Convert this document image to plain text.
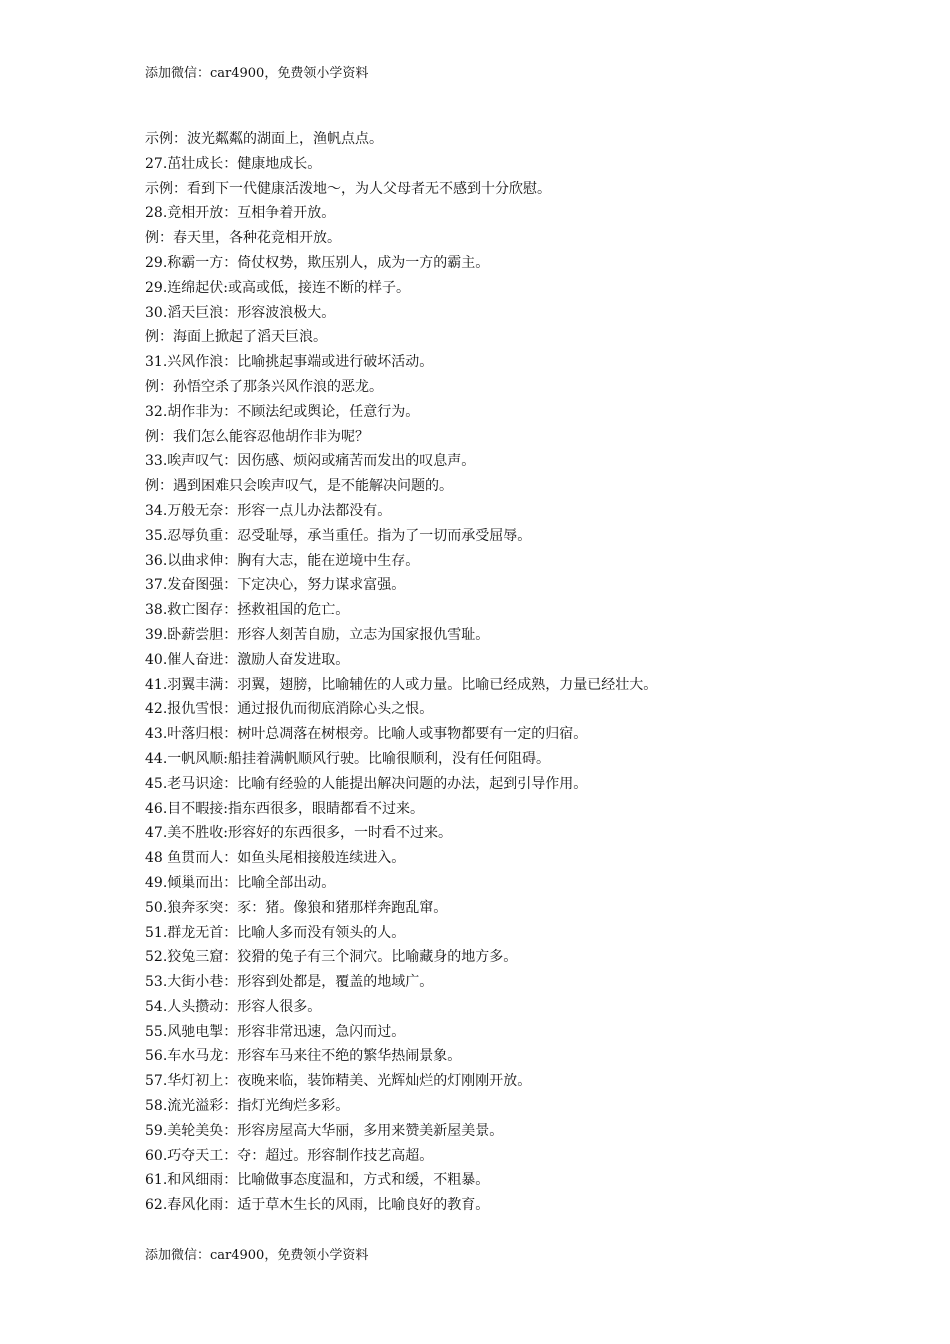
添加微信：car4900，免费领小学资料
示例：波光粼粼的湖面上，渔帆点点。
27.茁壮成长：健康地成长。
示例：看到下一代健康活泼地～，为人父母者无不感到十分欣慰。
28.竞相开放：互相争着开放。
例：春天里，各种花竞相开放。
29.称霸一方：倚仗权势，欺压别人，成为一方的霸主。
29.连绵起伏:或高或低，接连不断的样子。
30.滔天巨浪：形容波浪极大。
例：海面上掀起了滔天巨浪。
31.兴风作浪：比喻挑起事端或进行破坏活动。
例：孙悟空杀了那条兴风作浪的恶龙。
32.胡作非为：不顾法纪或舆论，任意行为。
例：我们怎么能容忍他胡作非为呢？
33.唉声叹气：因伤感、烦闷或痛苦而发出的叹息声。
例：遇到困难只会唉声叹气，是不能解决问题的。
34.万般无奈：形容一点儿办法都没有。
35.忍辱负重：忍受耻辱，承当重任。指为了一切而承受屈辱。
36.以曲求伸：胸有大志，能在逆境中生存。
37.发奋图强：下定决心，努力谋求富强。
38.救亡图存：拯救祖国的危亡。
39.卧薪尝胆：形容人刻苦自励，立志为国家报仇雪耻。
40.催人奋进：激励人奋发进取。
41.羽翼丰满：羽翼，翅膀，比喻辅佐的人或力量。比喻已经成熟，力量已经壮大。
42.报仇雪恨：通过报仇而彻底消除心头之恨。
43.叶落归根：树叶总凋落在树根旁。比喻人或事物都要有一定的归宿。
44.一帆风顺:船挂着满帆顺风行驶。比喻很顺利，没有任何阻碍。
45.老马识途：比喻有经验的人能提出解决问题的办法，起到引导作用。
46.目不暇接:指东西很多，眼睛都看不过来。
47.美不胜收:形容好的东西很多，一时看不过来。
48 鱼贯而人：如鱼头尾相接般连续进入。
49.倾巢而出：比喻全部出动。
50.狼奔豕突：豕：猪。像狼和猪那样奔跑乱窜。
51.群龙无首：比喻人多而没有领头的人。
52.狡兔三窟：狡猾的兔子有三个洞穴。比喻藏身的地方多。
53.大街小巷：形容到处都是，覆盖的地域广。
54.人头攒动：形容人很多。
55.风驰电掣：形容非常迅速，急闪而过。
56.车水马龙：形容车马来往不绝的繁华热闹景象。
57.华灯初上：夜晚来临，装饰精美、光辉灿烂的灯刚刚开放。
58.流光溢彩：指灯光绚烂多彩。
59.美轮美奂：形容房屋高大华丽，多用来赞美新屋美景。
60.巧夺天工：夺：超过。形容制作技艺高超。
61.和风细雨：比喻做事态度温和，方式和缓，不粗暴。
62.春风化雨：适于草木生长的风雨，比喻良好的教育。
添加微信：car4900，免费领小学资料
